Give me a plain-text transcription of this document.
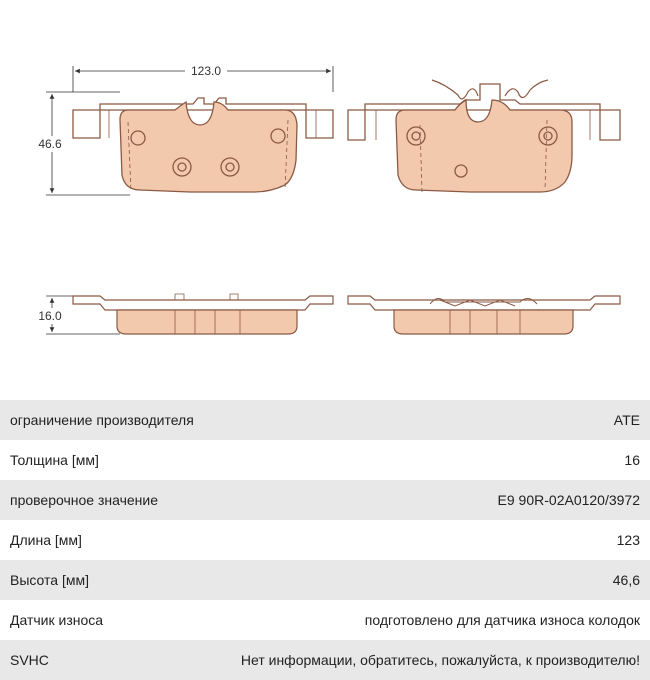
123.0
46.6
16.0
ограничение производителя	ATE
Толщина [мм]	16
проверочное значение	E9 90R-02A0120/3972
Длина [мм]	123
Высота [мм]	46,6
Датчик износа	подготовлено для датчика износа колодок
SVHC	Нет информации, обратитесь, пожалуйста, к производителю!
